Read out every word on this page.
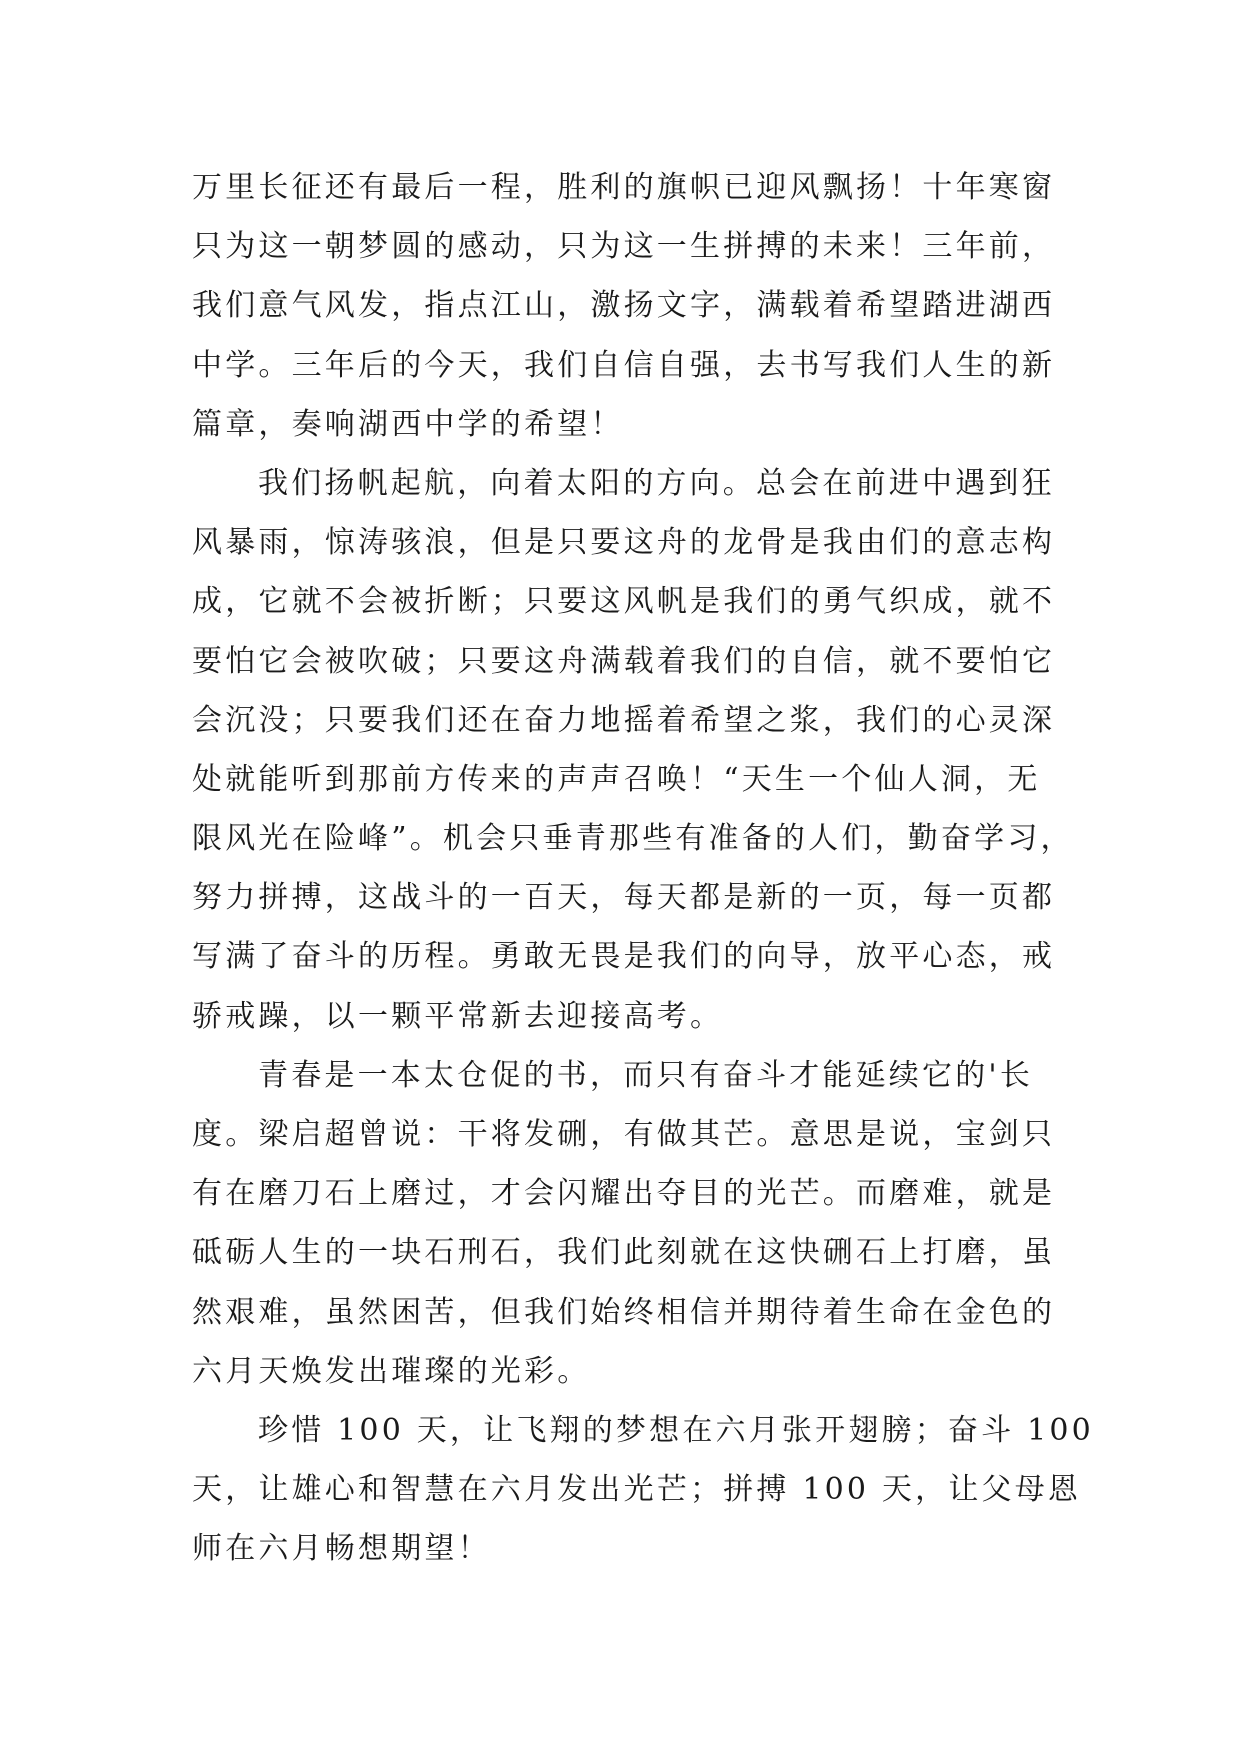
万里长征还有最后一程，胜利的旗帜已迎风飘扬！十年寒窗
只为这一朝梦圆的感动，只为这一生拼搏的未来！三年前，
我们意气风发，指点江山，激扬文字，满载着希望踏进湖西
中学。三年后的今天，我们自信自强，去书写我们人生的新
篇章，奏响湖西中学的希望！
我们扬帆起航，向着太阳的方向。总会在前进中遇到狂
风暴雨，惊涛骇浪，但是只要这舟的龙骨是我由们的意志构
成，它就不会被折断；只要这风帆是我们的勇气织成，就不
要怕它会被吹破；只要这舟满载着我们的自信，就不要怕它
会沉没；只要我们还在奋力地摇着希望之浆，我们的心灵深
处就能听到那前方传来的声声召唤！“天生一个仙人洞，无
限风光在险峰”。机会只垂青那些有准备的人们，勤奋学习，
努力拼搏，这战斗的一百天，每天都是新的一页，每一页都
写满了奋斗的历程。勇敢无畏是我们的向导，放平心态，戒
骄戒躁，以一颗平常新去迎接高考。
青春是一本太仓促的书，而只有奋斗才能延续它的'长
度。梁启超曾说：干将发硎，有做其芒。意思是说，宝剑只
有在磨刀石上磨过，才会闪耀出夺目的光芒。而磨难，就是
砥砺人生的一块石刑石，我们此刻就在这快硎石上打磨，虽
然艰难，虽然困苦，但我们始终相信并期待着生命在金色的
六月天焕发出璀璨的光彩。
珍惜 100 天，让飞翔的梦想在六月张开翅膀；奋斗 100
天，让雄心和智慧在六月发出光芒；拼搏 100 天，让父母恩
师在六月畅想期望！
